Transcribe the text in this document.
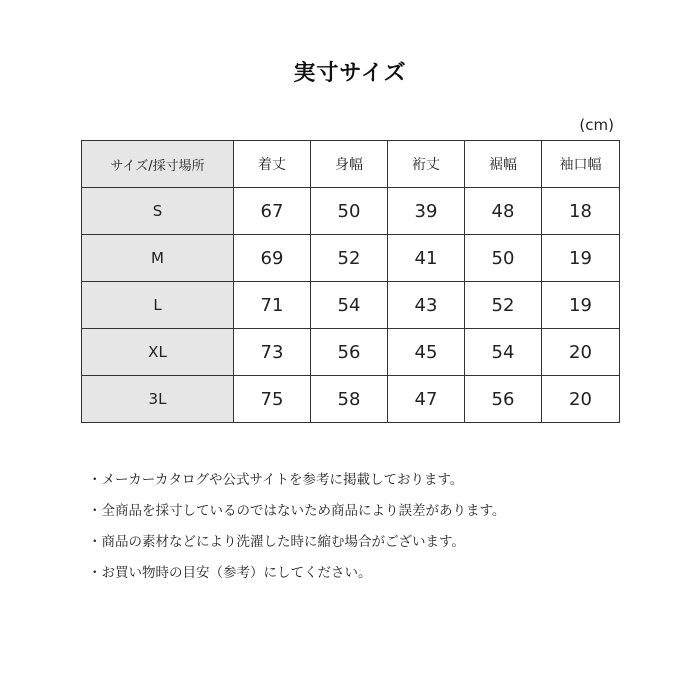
実寸サイズ
(cm)
サイズ/採寸場所	着丈	身幅	裄丈	裾幅	袖口幅
S	67	50	39	48	18
M	69	52	41	50	19
L	71	54	43	52	19
XL	73	56	45	54	20
3L	75	58	47	56	20
・メーカーカタログや公式サイトを参考に掲載しております。
・全商品を採寸しているのではないため商品により誤差があります。
・商品の素材などにより洗濯した時に縮む場合がございます。
・お買い物時の目安（参考）にしてください。
